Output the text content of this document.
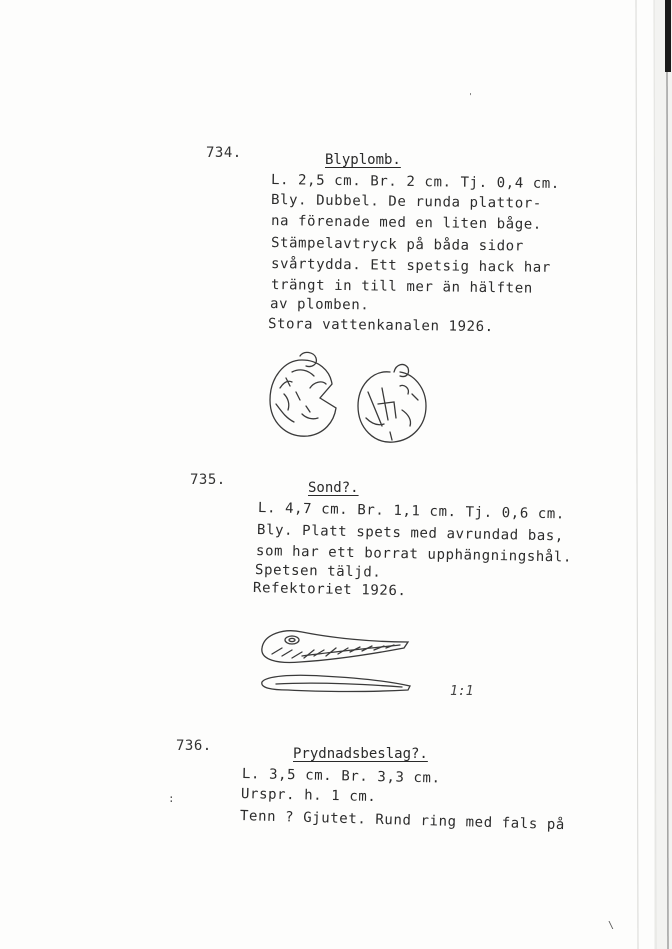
734.	Blyplomb.
L. 2,5 cm. Br. 2 cm. Tj. 0,4 cm.
Bly. Dubbel. De runda plattor-
na förenade med en liten båge.
Stämpelavtryck på båda sidor
svårtydda. Ett spetsig hack har
trängt in till mer än hälften
av plomben.
Stora vattenkanalen 1926.
735.	Sond?.
L. 4,7 cm. Br. 1,1 cm. Tj. 0,6 cm.
Bly. Platt spets med avrundad bas,
som har ett borrat upphängningshål.
Spetsen täljd.
Refektoriet 1926.
1:1
736.	Prydnadsbeslag?.
L. 3,5 cm. Br. 3,3 cm.
Urspr. h. 1 cm.
Tenn ? Gjutet. Rund ring med fals på
:
'
\
